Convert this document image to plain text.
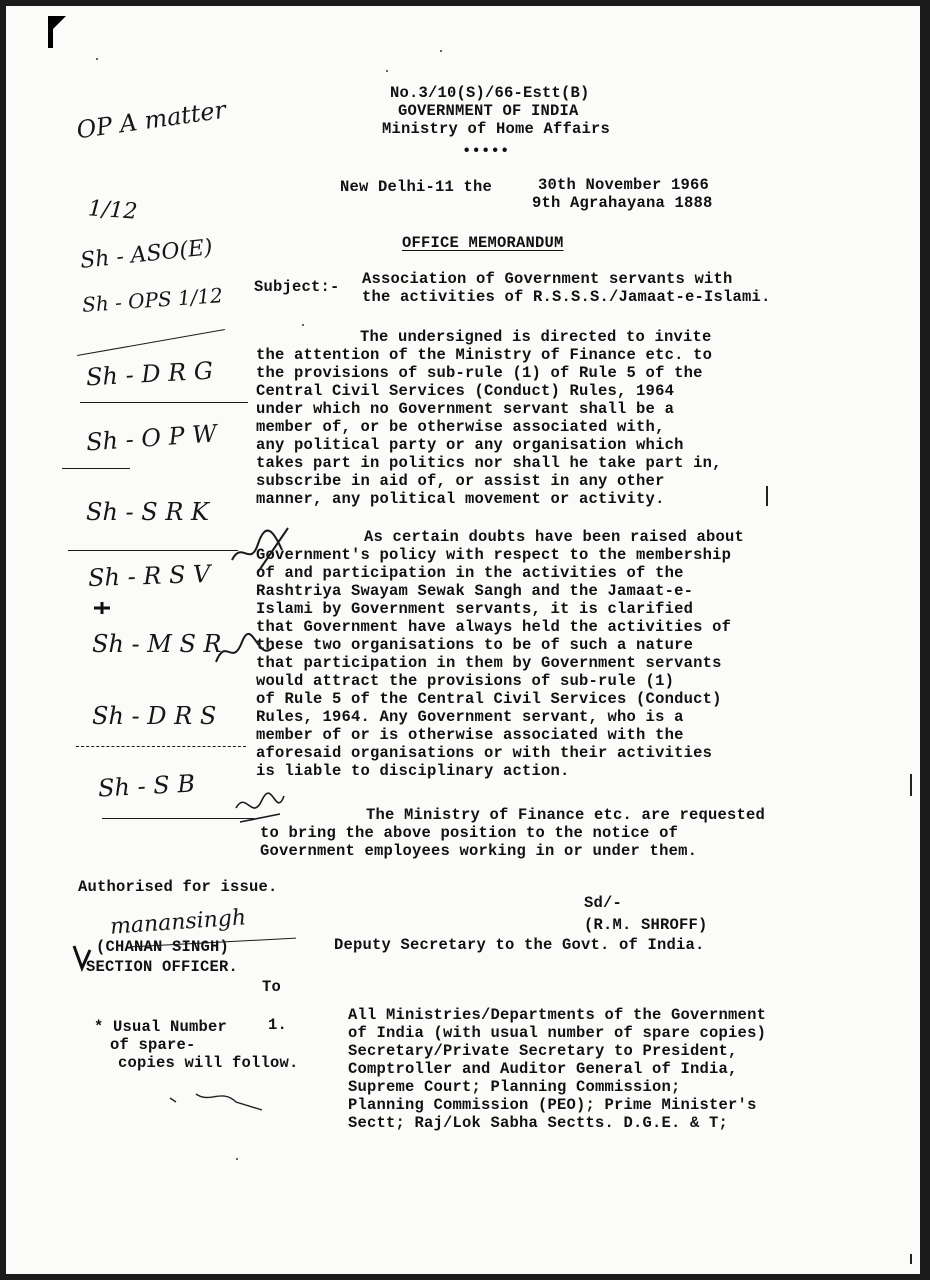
No.3/10(S)/66-Estt(B)
GOVERNMENT OF INDIA
Ministry of Home Affairs
•••••
New Delhi-11 the	30th November 1966
9th Agrahayana 1888
OFFICE MEMORANDUM
Subject:- Association of Government servants with
the activities of R.S.S.S./Jamaat-e-Islami.
The undersigned is directed to invite
the attention of the Ministry of Finance etc. to
the provisions of sub-rule (1) of Rule 5 of the
Central Civil Services (Conduct) Rules, 1964
under which no Government servant shall be a
member of, or be otherwise associated with,
any political party or any organisation which
takes part in politics nor shall he take part in,
subscribe in aid of, or assist in any other
manner, any political movement or activity.
As certain doubts have been raised about
Government's policy with respect to the membership
of and participation in the activities of the
Rashtriya Swayam Sewak Sangh and the Jamaat-e-
Islami by Government servants, it is clarified
that Government have always held the activities of
these two organisations to be of such a nature
that participation in them by Government servants
would attract the provisions of sub-rule (1)
of Rule 5 of the Central Civil Services (Conduct)
Rules, 1964. Any Government servant, who is a
member of or is otherwise associated with the
aforesaid organisations or with their activities
is liable to disciplinary action.
The Ministry of Finance etc. are requested
to bring the above position to the notice of
Government employees working in or under them.
Authorised for issue.
Sd/-
(R.M. SHROFF)
Deputy Secretary to the Govt. of India.
(CHANAN SINGH)
SECTION OFFICER.
To
* Usual Number
of spare-
copies will follow.
1.
All Ministries/Departments of the Government
of India (with usual number of spare copies)
Secretary/Private Secretary to President,
Comptroller and Auditor General of India,
Supreme Court; Planning Commission;
Planning Commission (PEO); Prime Minister's
Sectt; Raj/Lok Sabha Sectts. D.G.E. & T;
OP A matter
1/12
Sh - ASO(E)
Sh - OPS 1/12
Sh - D R G
Sh - O P W
Sh - S R K
Sh - R S V
Sh - M S R
Sh - D R S
Sh - S B
manansingh
